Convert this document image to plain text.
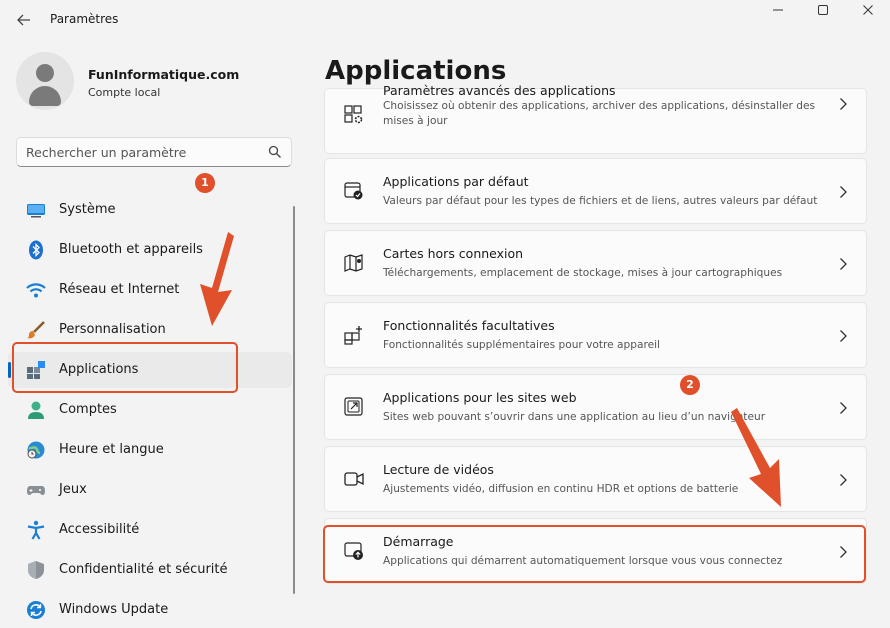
Paramètres
FunInformatique.com
Compte local
Rechercher un paramètre
Système
Bluetooth et appareils
Réseau et Internet
Personnalisation
Applications
Comptes
Heure et langue
Jeux
Accessibilité
Confidentialité et sécurité
Windows Update
Applications
Paramètres avancés des applications
Choisissez où obtenir des applications, archiver des applications, désinstaller des mises à jour
Applications par défaut
Valeurs par défaut pour les types de fichiers et de liens, autres valeurs par défaut
Cartes hors connexion
Téléchargements, emplacement de stockage, mises à jour cartographiques
Fonctionnalités facultatives
Fonctionnalités supplémentaires pour votre appareil
Applications pour les sites web
Sites web pouvant s’ouvrir dans une application au lieu d’un navigateur
Lecture de vidéos
Ajustements vidéo, diffusion en continu HDR et options de batterie
Démarrage
Applications qui démarrent automatiquement lorsque vous vous connectez
1
2
